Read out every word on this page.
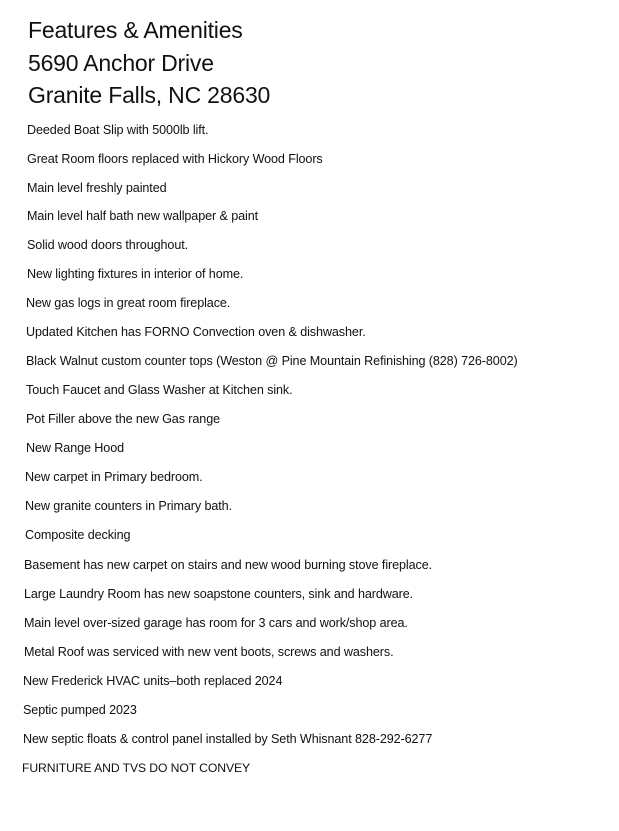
Features & Amenities
5690 Anchor Drive
Granite Falls, NC 28630
Deeded Boat Slip with 5000lb lift.
Great Room floors replaced with Hickory Wood Floors
Main level freshly painted
Main level half bath new wallpaper & paint
Solid wood doors throughout.
New lighting fixtures in interior of home.
New gas logs in great room fireplace.
Updated Kitchen has FORNO Convection oven & dishwasher.
Black Walnut custom counter tops (Weston @ Pine Mountain Refinishing (828) 726-8002)
Touch Faucet and Glass Washer at Kitchen sink.
Pot Filler above the new Gas range
New Range Hood
New carpet in Primary bedroom.
New granite counters in Primary bath.
Composite decking
Basement has new carpet on stairs and new wood burning stove fireplace.
Large Laundry Room has new soapstone counters, sink and hardware.
Main level over-sized garage has room for 3 cars and work/shop area.
Metal Roof was serviced with new vent boots, screws and washers.
New Frederick HVAC units–both replaced 2024
Septic pumped 2023
New septic floats & control panel installed by Seth Whisnant 828-292-6277
FURNITURE AND TVS DO NOT CONVEY
